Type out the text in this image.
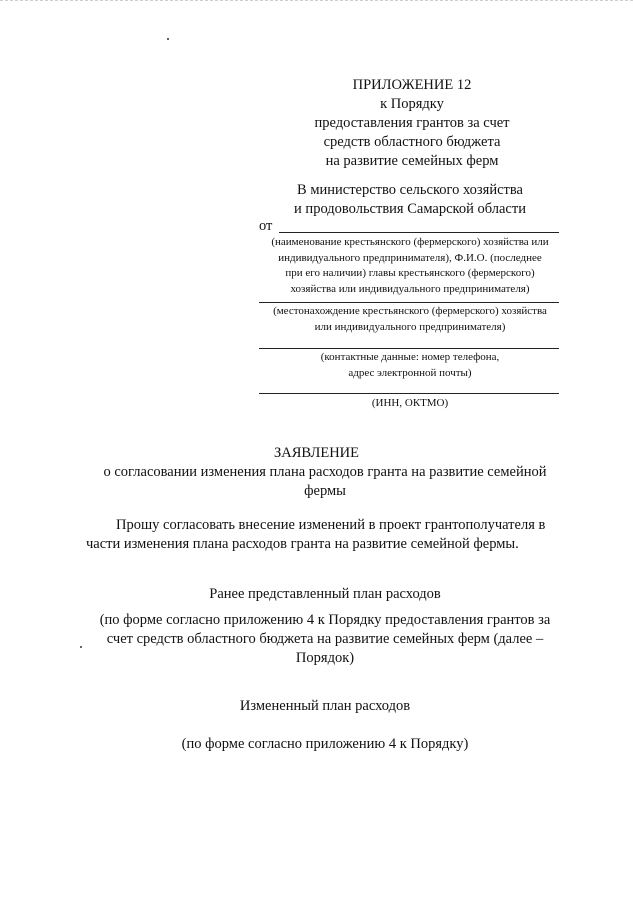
ПРИЛОЖЕНИЕ 12
к Порядку
предоставления грантов за счет
средств областного бюджета
на развитие семейных ферм
В министерство сельского хозяйства
и продовольствия Самарской области
от
(наименование крестьянского (фермерского) хозяйства или
индивидуального предпринимателя), Ф.И.О. (последнее
при его наличии) главы крестьянского (фермерского)
хозяйства или индивидуального предпринимателя)
(местонахождение крестьянского (фермерского) хозяйства
или индивидуального предпринимателя)
(контактные данные: номер телефона,
адрес электронной почты)
(ИНН, ОКТМО)
ЗАЯВЛЕНИЕ
о согласовании изменения плана расходов гранта на развитие семейной
фермы
Прошу согласовать внесение изменений в проект грантополучателя в
части изменения плана расходов гранта на развитие семейной фермы.
Ранее представленный план расходов
(по форме согласно приложению 4 к Порядку предоставления грантов за
счет средств областного бюджета на развитие семейных ферм (далее –
Порядок)
Измененный план расходов
(по форме согласно приложению 4 к Порядку)
